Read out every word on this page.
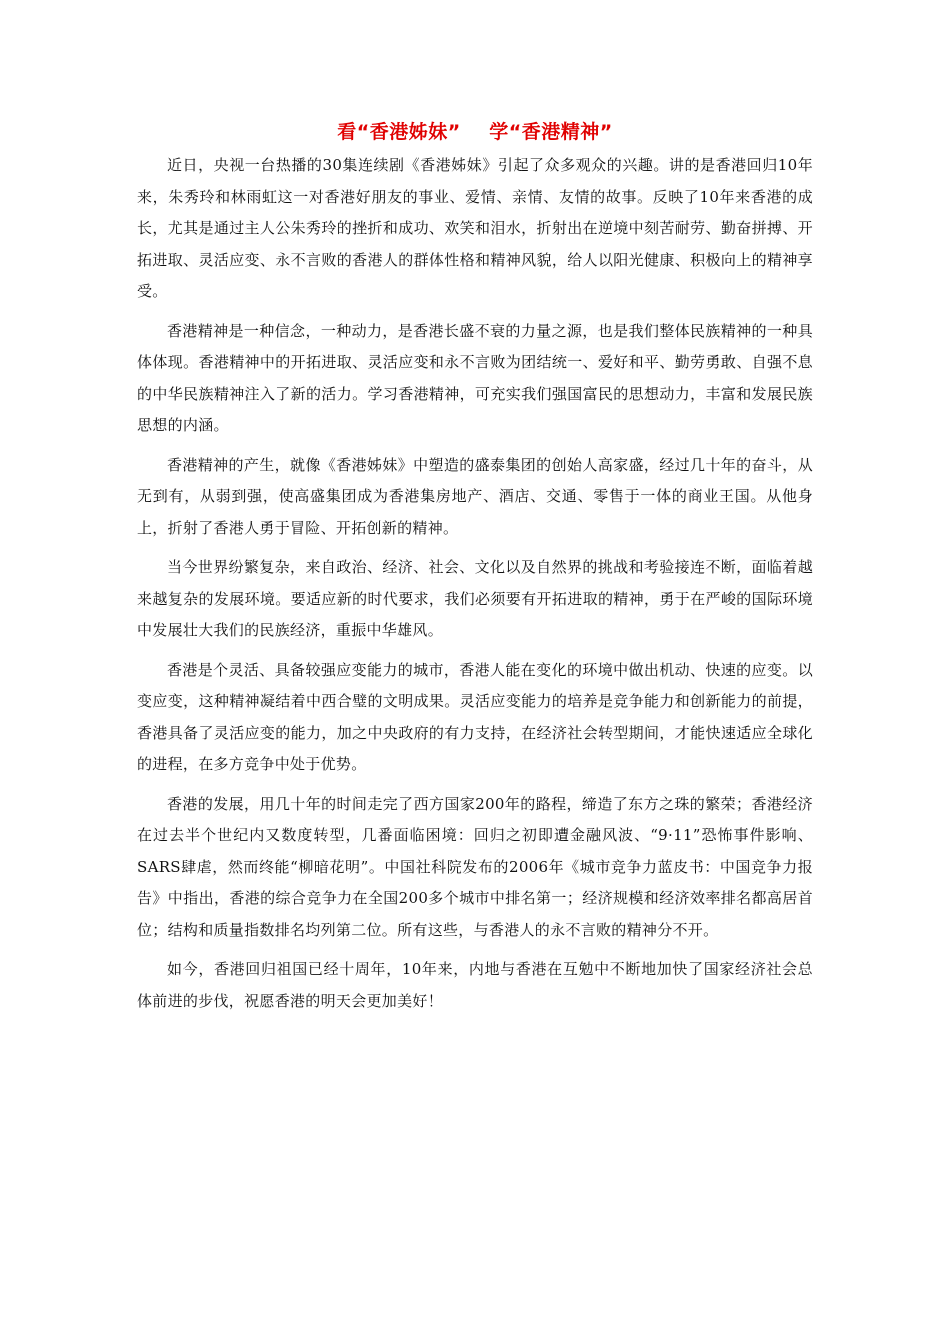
看“香港姊妹”    学“香港精神”

近日，央视一台热播的30集连续剧《香港姊妹》引起了众多观众的兴趣。讲的是香港回归10年来，朱秀玲和林雨虹这一对香港好朋友的事业、爱情、亲情、友情的故事。反映了10年来香港的成长，尤其是通过主人公朱秀玲的挫折和成功、欢笑和泪水，折射出在逆境中刻苦耐劳、勤奋拼搏、开拓进取、灵活应变、永不言败的香港人的群体性格和精神风貌，给人以阳光健康、积极向上的精神享受。

香港精神是一种信念，一种动力，是香港长盛不衰的力量之源，也是我们整体民族精神的一种具体体现。香港精神中的开拓进取、灵活应变和永不言败为团结统一、爱好和平、勤劳勇敢、自强不息的中华民族精神注入了新的活力。学习香港精神，可充实我们强国富民的思想动力，丰富和发展民族思想的内涵。

香港精神的产生，就像《香港姊妹》中塑造的盛泰集团的创始人高家盛，经过几十年的奋斗，从无到有，从弱到强，使高盛集团成为香港集房地产、酒店、交通、零售于一体的商业王国。从他身上，折射了香港人勇于冒险、开拓创新的精神。

当今世界纷繁复杂，来自政治、经济、社会、文化以及自然界的挑战和考验接连不断，面临着越来越复杂的发展环境。要适应新的时代要求，我们必须要有开拓进取的精神，勇于在严峻的国际环境中发展壮大我们的民族经济，重振中华雄风。

香港是个灵活、具备较强应变能力的城市，香港人能在变化的环境中做出机动、快速的应变。以变应变，这种精神凝结着中西合璧的文明成果。灵活应变能力的培养是竞争能力和创新能力的前提，香港具备了灵活应变的能力，加之中央政府的有力支持，在经济社会转型期间，才能快速适应全球化的进程，在多方竞争中处于优势。

香港的发展，用几十年的时间走完了西方国家200年的路程，缔造了东方之珠的繁荣；香港经济在过去半个世纪内又数度转型，几番面临困境：回归之初即遭金融风波、“9·11”恐怖事件影响、SARS肆虐，然而终能“柳暗花明”。中国社科院发布的2006年《城市竞争力蓝皮书：中国竞争力报告》中指出，香港的综合竞争力在全国200多个城市中排名第一；经济规模和经济效率排名都高居首位；结构和质量指数排名均列第二位。所有这些，与香港人的永不言败的精神分不开。

如今，香港回归祖国已经十周年，10年来，内地与香港在互勉中不断地加快了国家经济社会总体前进的步伐，祝愿香港的明天会更加美好！
